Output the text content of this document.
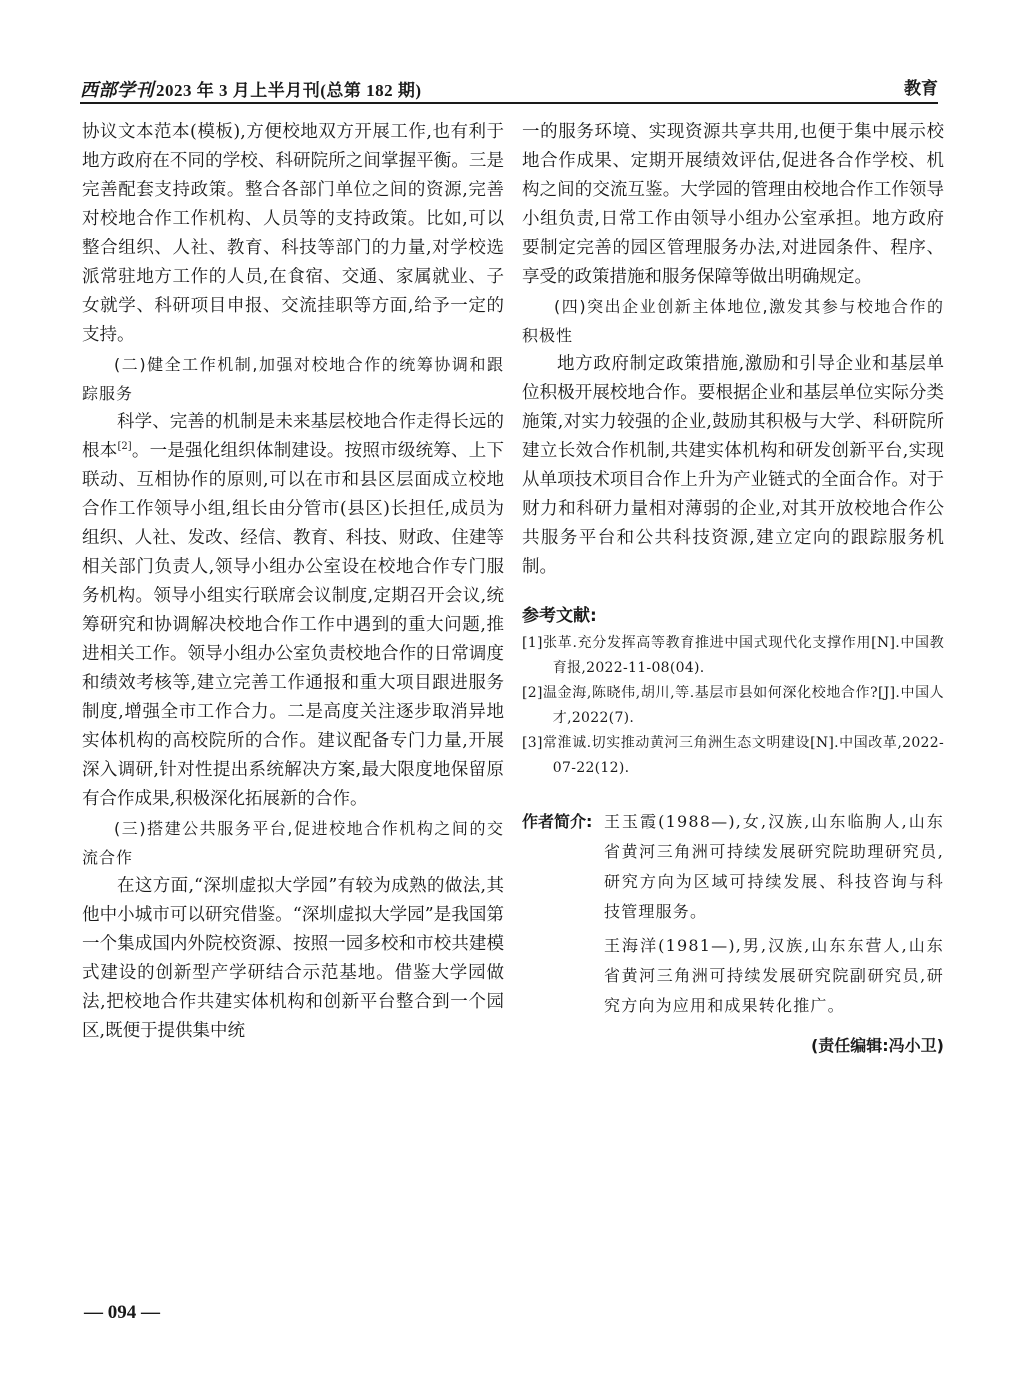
西部学刊 2023 年 3 月上半月刊(总第 182 期)	教育

协议文本范本(模板),方便校地双方开展工作,也有利于地方政府在不同的学校、科研院所之间掌握平衡。三是完善配套支持政策。整合各部门单位之间的资源,完善对校地合作工作机构、人员等的支持政策。比如,可以整合组织、人社、教育、科技等部门的力量,对学校选派常驻地方工作的人员,在食宿、交通、家属就业、子女就学、科研项目申报、交流挂职等方面,给予一定的支持。

(二)健全工作机制,加强对校地合作的统筹协调和跟踪服务

科学、完善的机制是未来基层校地合作走得长远的根本[2]。一是强化组织体制建设。按照市级统筹、上下联动、互相协作的原则,可以在市和县区层面成立校地合作工作领导小组,组长由分管市(县区)长担任,成员为组织、人社、发改、经信、教育、科技、财政、住建等相关部门负责人,领导小组办公室设在校地合作专门服务机构。领导小组实行联席会议制度,定期召开会议,统筹研究和协调解决校地合作工作中遇到的重大问题,推进相关工作。领导小组办公室负责校地合作的日常调度和绩效考核等,建立完善工作通报和重大项目跟进服务制度,增强全市工作合力。二是高度关注逐步取消异地实体机构的高校院所的合作。建议配备专门力量,开展深入调研,针对性提出系统解决方案,最大限度地保留原有合作成果,积极深化拓展新的合作。

(三)搭建公共服务平台,促进校地合作机构之间的交流合作

在这方面,“深圳虚拟大学园”有较为成熟的做法,其他中小城市可以研究借鉴。“深圳虚拟大学园”是我国第一个集成国内外院校资源、按照一园多校和市校共建模式建设的创新型产学研结合示范基地。借鉴大学园做法,把校地合作共建实体机构和创新平台整合到一个园区,既便于提供集中统

一的服务环境、实现资源共享共用,也便于集中展示校地合作成果、定期开展绩效评估,促进各合作学校、机构之间的交流互鉴。大学园的管理由校地合作工作领导小组负责,日常工作由领导小组办公室承担。地方政府要制定完善的园区管理服务办法,对进园条件、程序、享受的政策措施和服务保障等做出明确规定。

(四)突出企业创新主体地位,激发其参与校地合作的积极性

地方政府制定政策措施,激励和引导企业和基层单位积极开展校地合作。要根据企业和基层单位实际分类施策,对实力较强的企业,鼓励其积极与大学、科研院所建立长效合作机制,共建实体机构和研发创新平台,实现从单项技术项目合作上升为产业链式的全面合作。对于财力和科研力量相对薄弱的企业,对其开放校地合作公共服务平台和公共科技资源,建立定向的跟踪服务机制。

参考文献:

[1]张革.充分发挥高等教育推进中国式现代化支撑作用[N].中国教育报,2022-11-08(04).

[2]温金海,陈晓伟,胡川,等.基层市县如何深化校地合作?[J].中国人才,2022(7).

[3]常淮诚.切实推动黄河三角洲生态文明建设[N].中国改革,2022-07-22(12).

作者简介: 王玉霞(1988—),女,汉族,山东临朐人,山东省黄河三角洲可持续发展研究院助理研究员,研究方向为区域可持续发展、科技咨询与科技管理服务。

王海洋(1981—),男,汉族,山东东营人,山东省黄河三角洲可持续发展研究院副研究员,研究方向为应用和成果转化推广。

(责任编辑:冯小卫)
— 094 —
